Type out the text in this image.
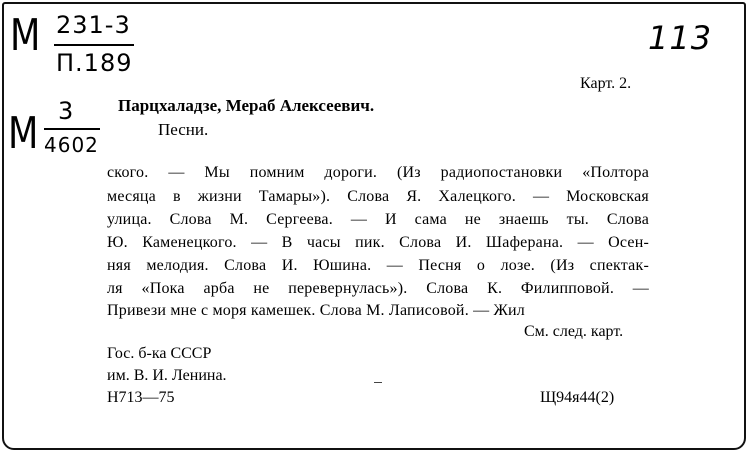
М 231-3
П.189
М 3
4602
113
Карт. 2.
Парцхаладзе, Мераб Алексеевич.
Песни.
ского. — Мы помним дороги. (Из радиопостановки «Полтора
месяца в жизни Тамары»). Слова Я. Халецкого. — Московская
улица. Слова М. Сергеева. — И сама не знаешь ты. Слова
Ю. Каменецкого. — В часы пик. Слова И. Шаферана. — Осен-
няя мелодия. Слова И. Юшина. — Песня о лозе. (Из спектак-
ля «Пока арба не перевернулась»). Слова К. Филипповой. —
Привези мне с моря камешек. Слова М. Лаписовой. — Жил
См. след. карт.
Гос. б-ка СССР
им. В. И. Ленина.
Н713—75	Щ94я44(2)
